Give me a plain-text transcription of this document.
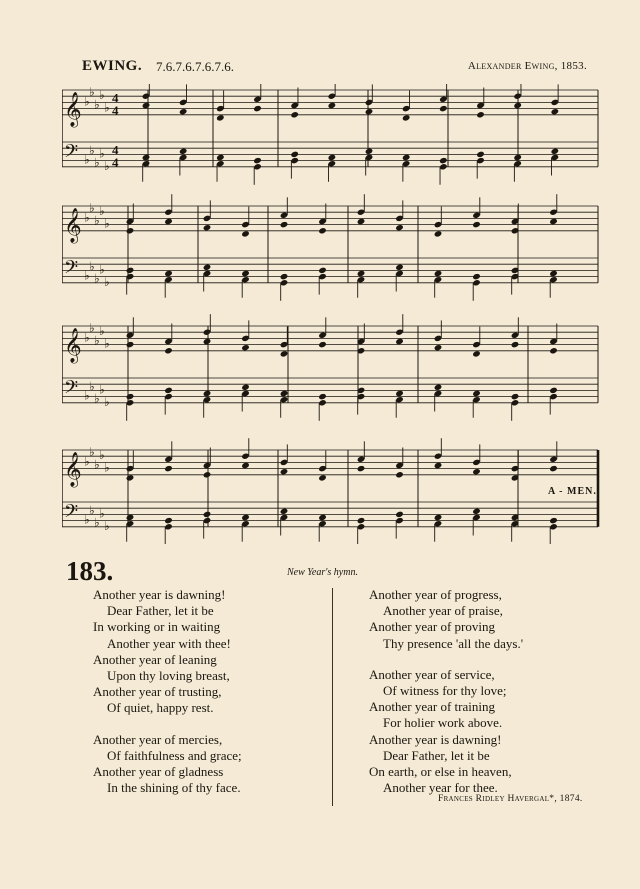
EWING. 7.6.7.6.7.6.7.6.	Alexander Ewing, 1853.
𝄞 ♭
♭
♭
♭
♭
𝄢 ♭
♭
♭
♭
♭
𝄞 ♭
♭
♭
♭
♭
𝄢 ♭
♭
♭
♭
♭
𝄞 ♭
♭
♭
♭
♭
𝄢 ♭
♭
♭
♭
♭
𝄞 ♭
♭
♭
♭
♭
𝄢 ♭
♭
♭
♭
♭
4
4
4
4
A - MEN.
183.	New Year's hymn.
Another year is dawning!
Dear Father, let it be
In working or in waiting
Another year with thee!
Another year of leaning
Upon thy loving breast,
Another year of trusting,
Of quiet, happy rest.
Another year of mercies,
Of faithfulness and grace;
Another year of gladness
In the shining of thy face.
Another year of progress,
Another year of praise,
Another year of proving
Thy presence 'all the days.'
Another year of service,
Of witness for thy love;
Another year of training
For holier work above.
Another year is dawning!
Dear Father, let it be
On earth, or else in heaven,
Another year for thee.
Frances Ridley Havergal*, 1874.
